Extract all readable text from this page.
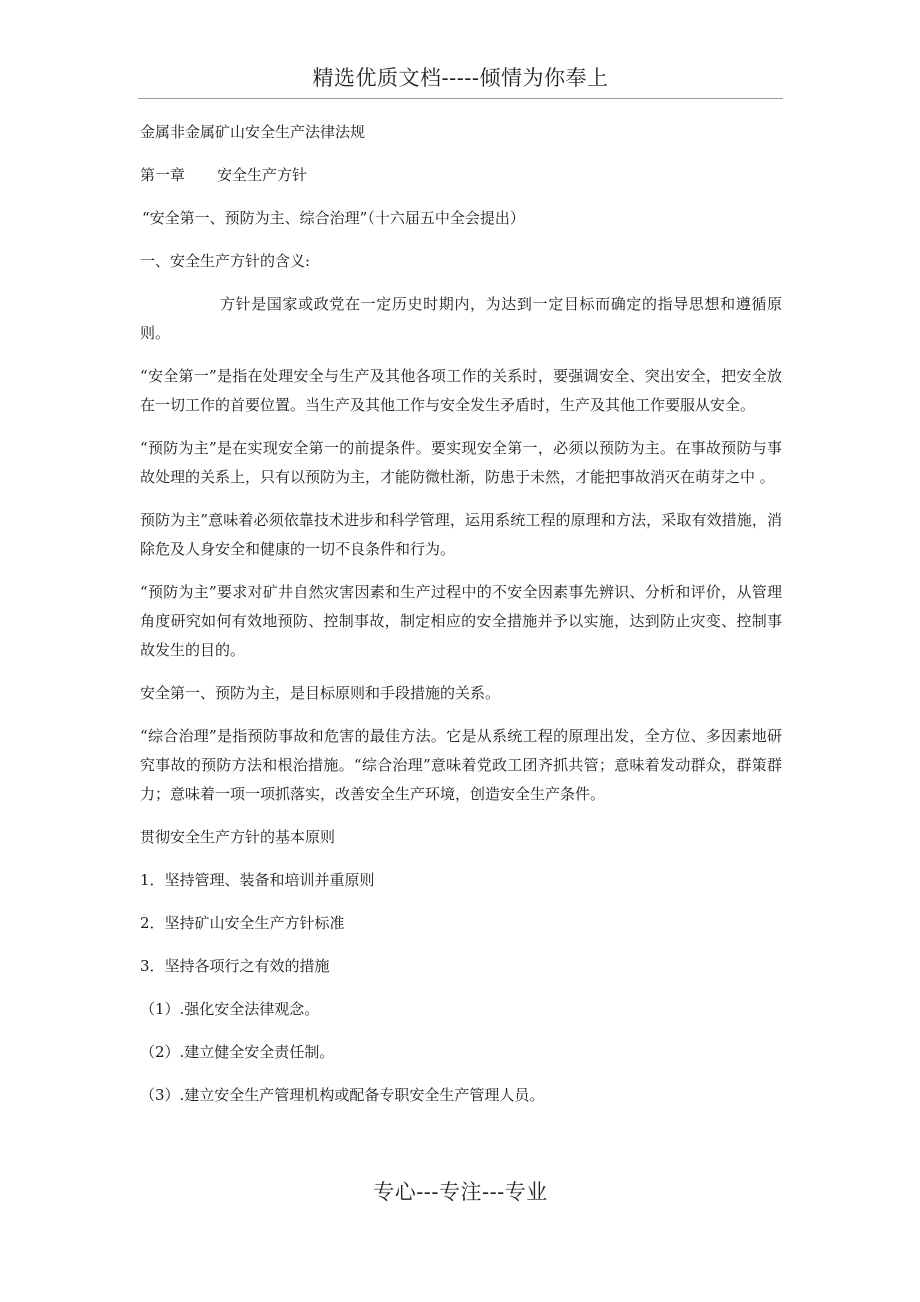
精选优质文档-----倾情为你奉上

金属非金属矿山安全生产法律法规

第一章 安全生产方针

“安全第一、预防为主、综合治理”（十六届五中全会提出）

一、安全生产方针的含义:

方针是国家或政党在一定历史时期内，为达到一定目标而确定的指导思想和遵循原则。

“安全第一”是指在处理安全与生产及其他各项工作的关系时，要强调安全、突出安全，把安全放在一切工作的首要位置。当生产及其他工作与安全发生矛盾时，生产及其他工作要服从安全。

“预防为主”是在实现安全第一的前提条件。要实现安全第一，必须以预防为主。在事故预防与事故处理的关系上，只有以预防为主，才能防微杜渐，防患于未然，才能把事故消灭在萌芽之中 。

预防为主”意味着必须依靠技术进步和科学管理，运用系统工程的原理和方法，采取有效措施，消除危及人身安全和健康的一切不良条件和行为。

“预防为主”要求对矿井自然灾害因素和生产过程中的不安全因素事先辨识、分析和评价，从管理角度研究如何有效地预防、控制事故，制定相应的安全措施并予以实施，达到防止灾变、控制事故发生的目的。

安全第一、预防为主，是目标原则和手段措施的关系。

“综合治理”是指预防事故和危害的最佳方法。它是从系统工程的原理出发，全方位、多因素地研究事故的预防方法和根治措施。“综合治理”意味着党政工团齐抓共管；意味着发动群众，群策群力；意味着一项一项抓落实，改善安全生产环境，创造安全生产条件。

贯彻安全生产方针的基本原则

1．坚持管理、装备和培训并重原则

2．坚持矿山安全生产方针标准

3．坚持各项行之有效的措施

（1）.强化安全法律观念。

（2）.建立健全安全责任制。

（3）.建立安全生产管理机构或配备专职安全生产管理人员。

专心---专注---专业
